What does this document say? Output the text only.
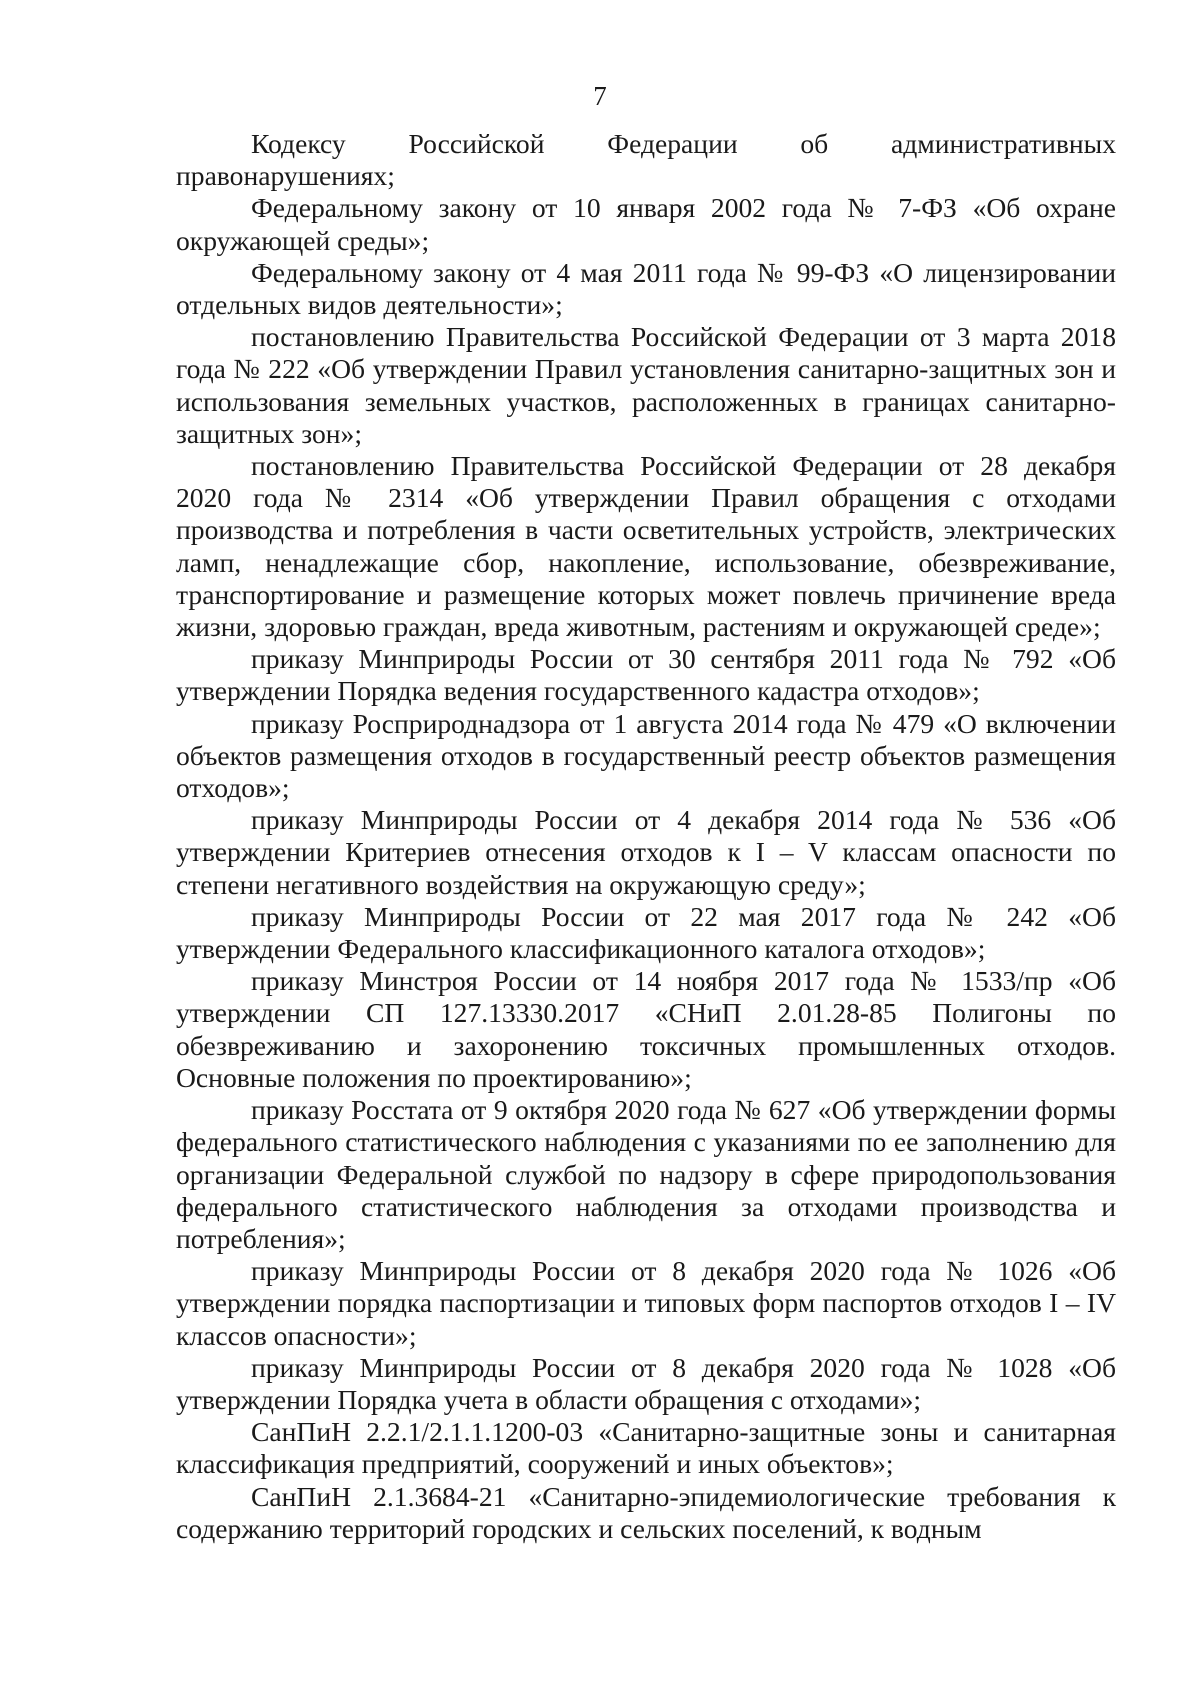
7

Кодексу Российской Федерации об административных правонарушениях;

Федеральному закону от 10 января 2002 года № 7-ФЗ «Об охране окружающей среды»;

Федеральному закону от 4 мая 2011 года № 99-ФЗ «О лицензировании отдельных видов деятельности»;

постановлению Правительства Российской Федерации от 3 марта 2018 года № 222 «Об утверждении Правил установления санитарно-защитных зон и использования земельных участков, расположенных в границах санитарно-защитных зон»;

постановлению Правительства Российской Федерации от 28 декабря 2020 года № 2314 «Об утверждении Правил обращения с отходами производства и потребления в части осветительных устройств, электрических ламп, ненадлежащие сбор, накопление, использование, обезвреживание, транспортирование и размещение которых может повлечь причинение вреда жизни, здоровью граждан, вреда животным, растениям и окружающей среде»;

приказу Минприроды России от 30 сентября 2011 года № 792 «Об утверждении Порядка ведения государственного кадастра отходов»;

приказу Росприроднадзора от 1 августа 2014 года № 479 «О включении объектов размещения отходов в государственный реестр объектов размещения отходов»;

приказу Минприроды России от 4 декабря 2014 года № 536 «Об утверждении Критериев отнесения отходов к I – V классам опасности по степени негативного воздействия на окружающую среду»;

приказу Минприроды России от 22 мая 2017 года № 242 «Об утверждении Федерального классификационного каталога отходов»;

приказу Минстроя России от 14 ноября 2017 года № 1533/пр «Об утверждении СП 127.13330.2017 «СНиП 2.01.28-85 Полигоны по обезвреживанию и захоронению токсичных промышленных отходов. Основные положения по проектированию»;

приказу Росстата от 9 октября 2020 года № 627 «Об утверждении формы федерального статистического наблюдения с указаниями по ее заполнению для организации Федеральной службой по надзору в сфере природопользования федерального статистического наблюдения за отходами производства и потребления»;

приказу Минприроды России от 8 декабря 2020 года № 1026 «Об утверждении порядка паспортизации и типовых форм паспортов отходов I – IV классов опасности»;

приказу Минприроды России от 8 декабря 2020 года № 1028 «Об утверждении Порядка учета в области обращения с отходами»;

СанПиН 2.2.1/2.1.1.1200-03 «Санитарно-защитные зоны и санитарная классификация предприятий, сооружений и иных объектов»;

СанПиН 2.1.3684-21 «Санитарно-эпидемиологические требования к содержанию территорий городских и сельских поселений, к водным
